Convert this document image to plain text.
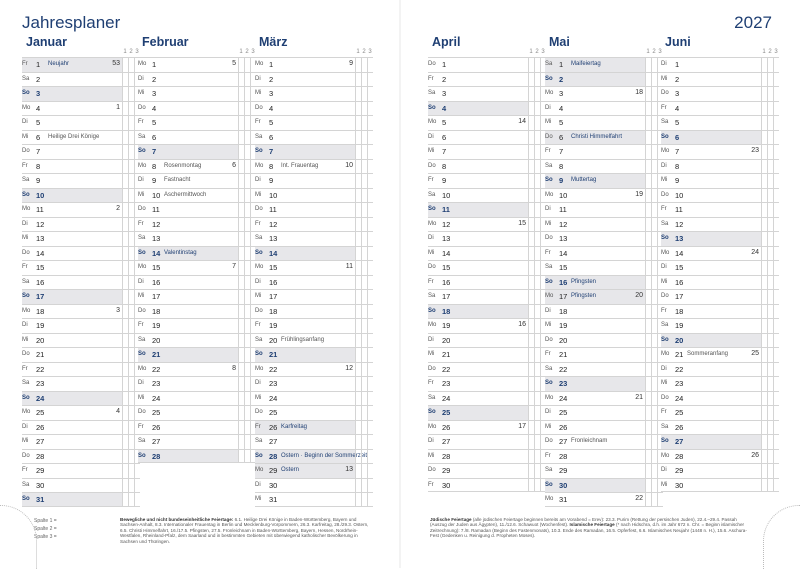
Jahresplaner	2027
Januar
1 2 3
Fr 1 Neujahr	53
Sa 2
So 3
Mo 4	1
Di 5
Mi 6 Heilige Drei Könige
Do 7
Fr 8
Sa 9
So 10
Mo 11	2
Di 12
Mi 13
Do 14
Fr 15
Sa 16
So 17
Mo 18	3
Di 19
Mi 20
Do 21
Fr 22
Sa 23
So 24
Mo 25	4
Di 26
Mi 27
Do 28
Fr 29
Sa 30
So 31
Februar
1 2 3
Mo 1	5
Di 2
Mi 3
Do 4
Fr 5
Sa 6
So 7
Mo 8 Rosenmontag	6
Di 9 Fastnacht
Mi 10 Aschermittwoch
Do 11
Fr 12
Sa 13
So 14 Valentinstag
Mo 15	7
Di 16
Mi 17
Do 18
Fr 19
Sa 20
So 21
Mo 22	8
Di 23
Mi 24
Do 25
Fr 26
Sa 27
So 28
März
1 2 3
Mo 1	9
Di 2
Mi 3
Do 4
Fr 5
Sa 6
So 7
Mo 8 Int. Frauentag	10
Di 9
Mi 10
Do 11
Fr 12
Sa 13
So 14
Mo 15	11
Di 16
Mi 17
Do 18
Fr 19
Sa 20 Frühlingsanfang
So 21
Mo 22	12
Di 23
Mi 24
Do 25
Fr 26 Karfreitag
Sa 27
So 28 Ostern · Beginn der Sommerzeit
Mo 29 Ostern	13
Di 30
Mi 31
April
1 2 3
Do 1
Fr 2
Sa 3
So 4
Mo 5	14
Di 6
Mi 7
Do 8
Fr 9
Sa 10
So 11
Mo 12	15
Di 13
Mi 14
Do 15
Fr 16
Sa 17
So 18
Mo 19	16
Di 20
Mi 21
Do 22
Fr 23
Sa 24
So 25
Mo 26	17
Di 27
Mi 28
Do 29
Fr 30
Mai
1 2 3
Sa 1 Maifeiertag
So 2
Mo 3	18
Di 4
Mi 5
Do 6 Christi Himmelfahrt
Fr 7
Sa 8
So 9 Muttertag
Mo 10	19
Di 11
Mi 12
Do 13
Fr 14
Sa 15
So 16 Pfingsten
Mo 17 Pfingsten	20
Di 18
Mi 19
Do 20
Fr 21
Sa 22
So 23
Mo 24	21
Di 25
Mi 26
Do 27 Fronleichnam
Fr 28
Sa 29
So 30
Mo 31	22
Juni
1 2 3
Di 1
Mi 2
Do 3
Fr 4
Sa 5
So 6
Mo 7	23
Di 8
Mi 9
Do 10
Fr 11
Sa 12
So 13
Mo 14	24
Di 15
Mi 16
Do 17
Fr 18
Sa 19
So 20
Mo 21 Sommeranfang	25
Di 22
Mi 23
Do 24
Fr 25
Sa 26
So 27
Mo 28	26
Di 29
Mi 30
Spalte 1 =
Spalte 2 =
Spalte 3 =
Bewegliche und nicht bundeseinheitliche Feiertage: 6.1. Heilige Drei Könige in Baden-Württemberg, Bayern und Sachsen-Anhalt, 8.3. Internationaler Frauentag in Berlin und Mecklenburg-Vorpommern, 26.3. Karfreitag, 28./29.3. Ostern, 6.5. Christi Himmelfahrt, 16./17.5. Pfingsten, 27.5. Fronleichnam in Baden-Württemberg, Bayern, Hessen, Nordrhein-Westfalen, Rheinland-Pfalz, dem Saarland und in bestimmten Gebieten mit überwiegend katholischer Bevölkerung in Sachsen und Thüringen.
Jüdische Feiertage (alle jüdischen Feiertage beginnen bereits am Vorabend = Erev): 23.3. Purim (Rettung der persischen Juden), 22.4.–29.4. Passah (Auszug der Juden aus Ägypten), 11./12.6. Schawuot (Wochenfest). Islamische Feiertage (* nach Hidschra, d.h. im Jahr 672 n. Chr. = Beginn islamischer Zeitrechnung): 7./8. Ramadan (Beginn des Fastenmonats), 10.3. Ende des Ramadan, 16.5. Opferfest, 6.6. Islamisches Neujahr (1448 n. H.), 15.6. Aschura-Fest (Gedenken u. Reinigung d. Propheten Moses).
